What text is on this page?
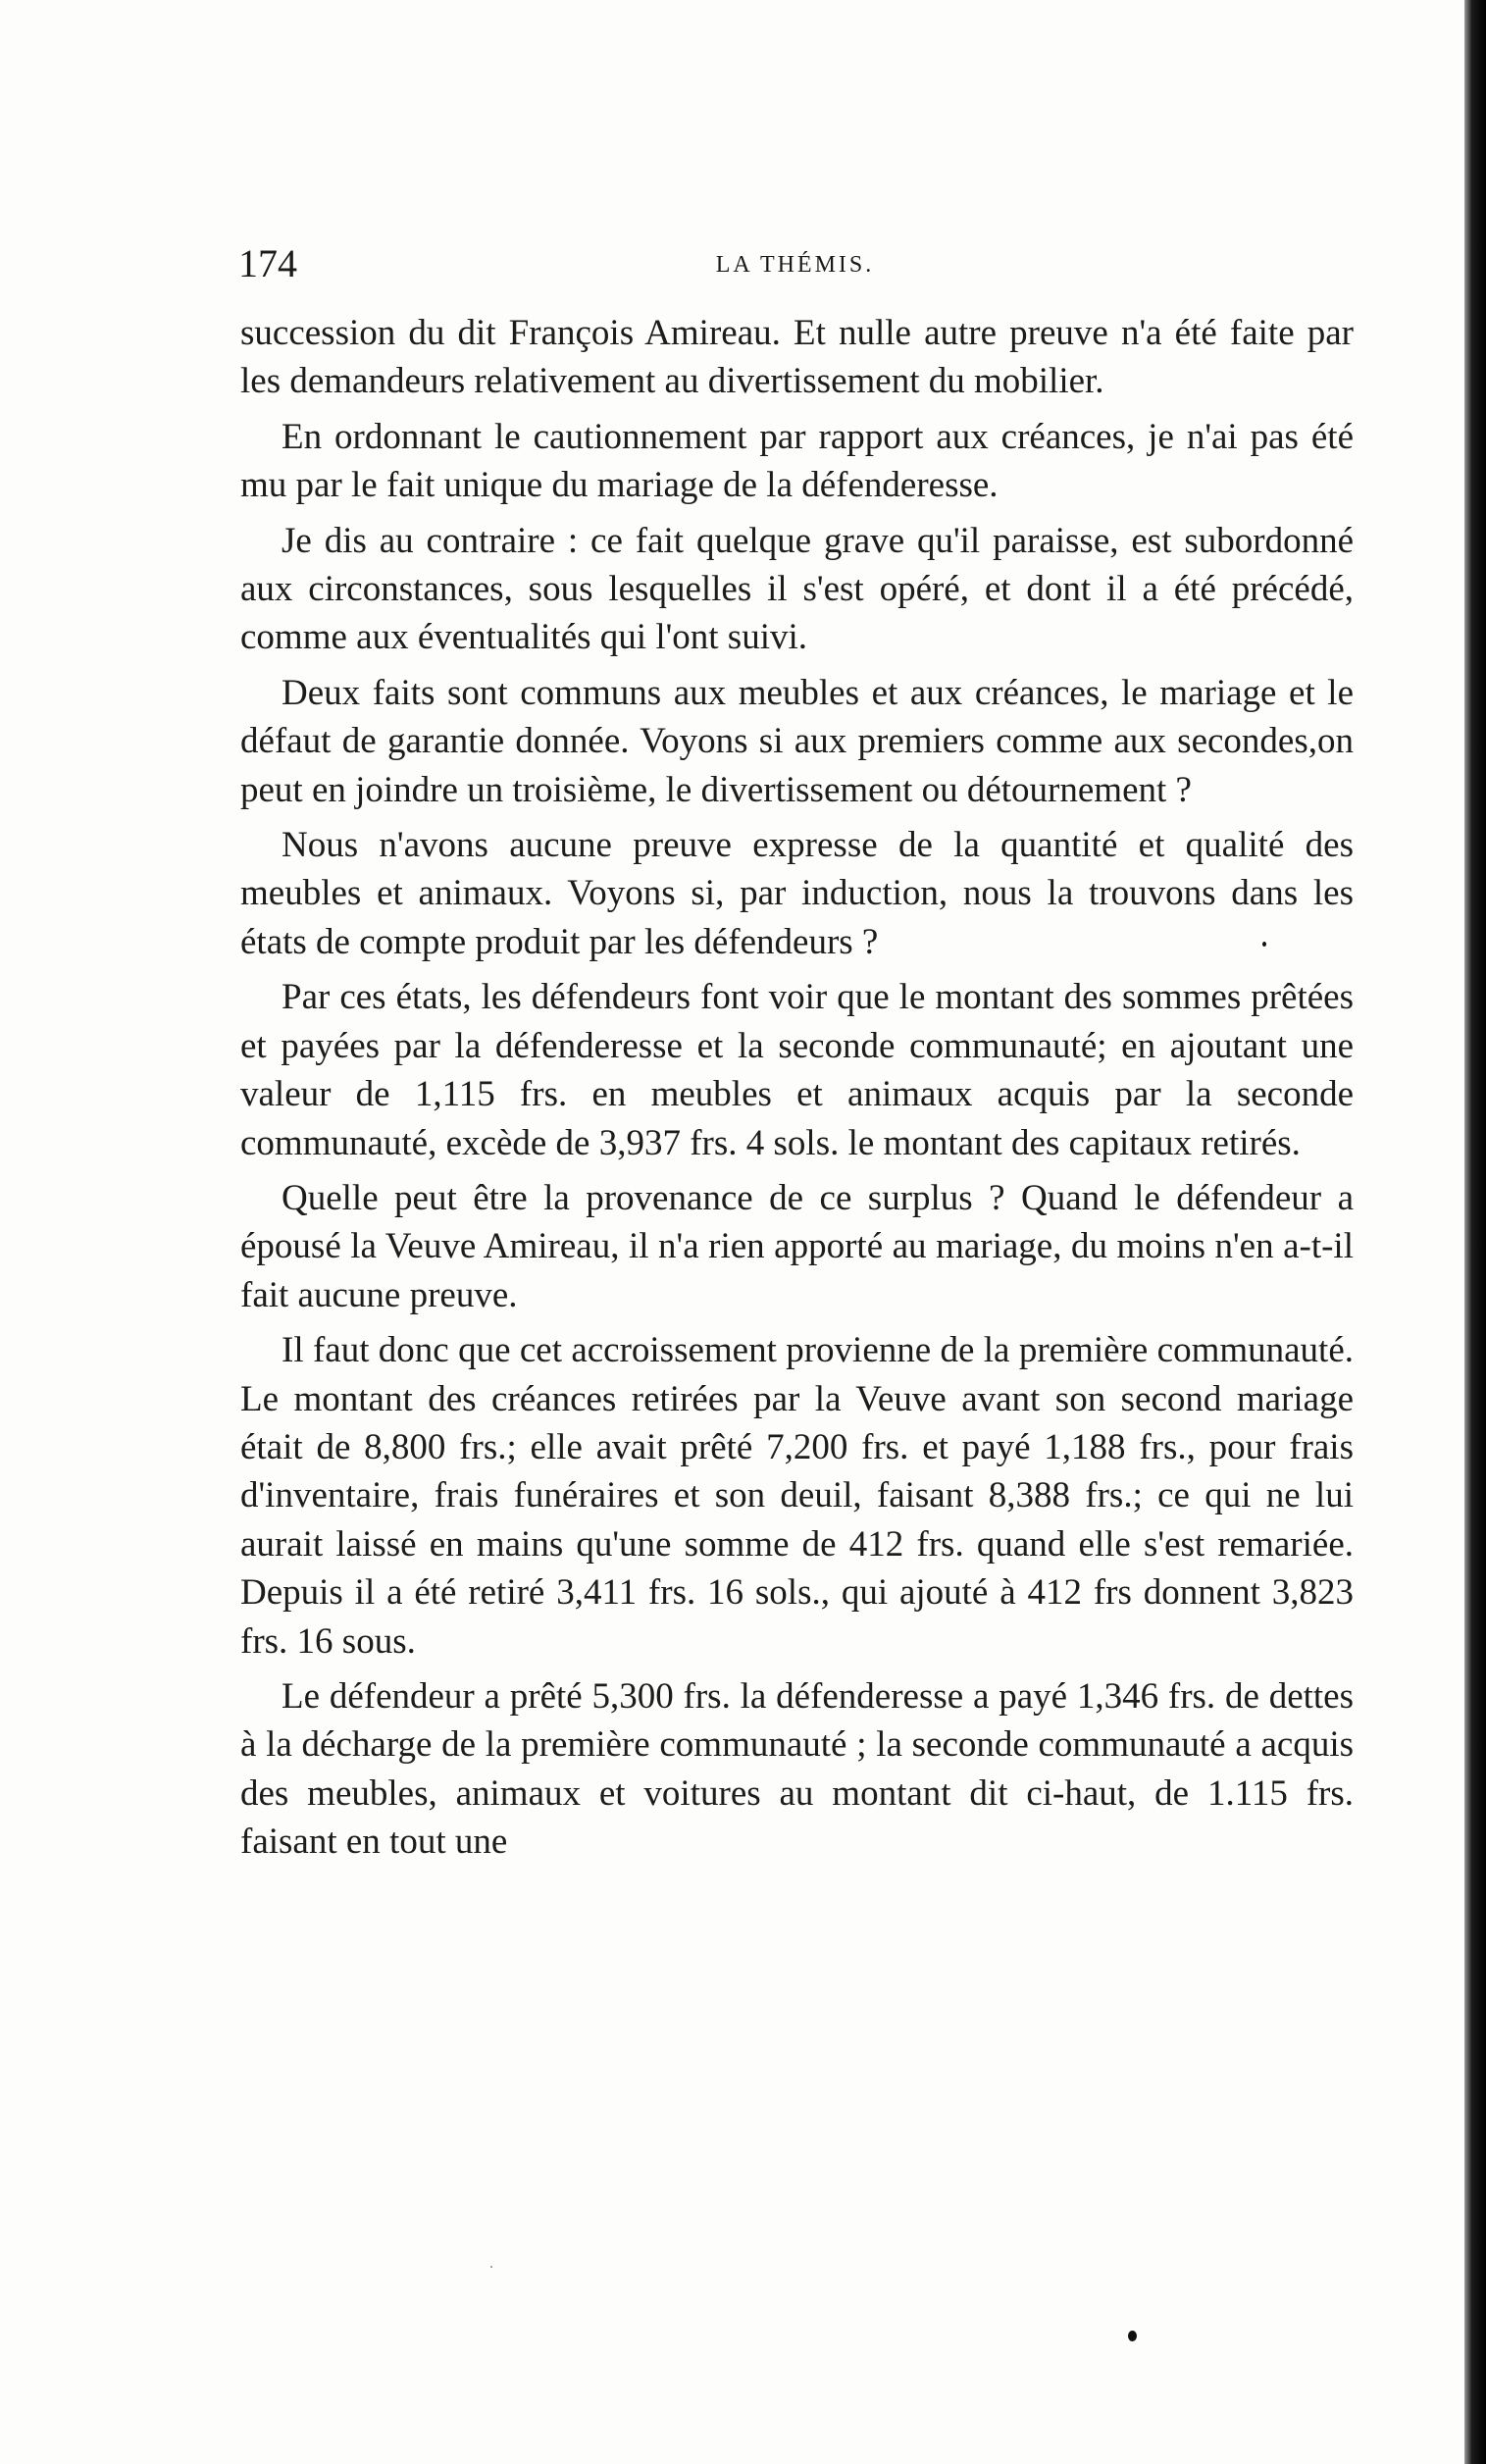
174	LA THÉMIS.

succession du dit François Amireau. Et nulle autre preuve n'a été faite par les demandeurs relativement au divertissement du mobilier.

En ordonnant le cautionnement par rapport aux créances, je n'ai pas été mu par le fait unique du mariage de la défenderesse.

Je dis au contraire : ce fait quelque grave qu'il paraisse, est subordonné aux circonstances, sous lesquelles il s'est opéré, et dont il a été précédé, comme aux éventualités qui l'ont suivi.

Deux faits sont communs aux meubles et aux créances, le mariage et le défaut de garantie donnée. Voyons si aux premiers comme aux secondes,on peut en joindre un troisième, le divertissement ou détournement ?

Nous n'avons aucune preuve expresse de la quantité et qualité des meubles et animaux. Voyons si, par induction, nous la trouvons dans les états de compte produit par les défendeurs ?

Par ces états, les défendeurs font voir que le montant des sommes prêtées et payées par la défenderesse et la seconde communauté; en ajoutant une valeur de 1,115 frs. en meubles et animaux acquis par la seconde communauté, excède de 3,937 frs. 4 sols. le montant des capitaux retirés.

Quelle peut être la provenance de ce surplus ? Quand le défendeur a épousé la Veuve Amireau, il n'a rien apporté au mariage, du moins n'en a-t-il fait aucune preuve.

Il faut donc que cet accroissement provienne de la première communauté. Le montant des créances retirées par la Veuve avant son second mariage était de 8,800 frs.; elle avait prêté 7,200 frs. et payé 1,188 frs., pour frais d'inventaire, frais funéraires et son deuil, faisant 8,388 frs.; ce qui ne lui aurait laissé en mains qu'une somme de 412 frs. quand elle s'est remariée. Depuis il a été retiré 3,411 frs. 16 sols., qui ajouté à 412 frs donnent 3,823 frs. 16 sous.

Le défendeur a prêté 5,300 frs. la défenderesse a payé 1,346 frs. de dettes à la décharge de la première communauté ; la seconde communauté a acquis des meubles, animaux et voitures au montant dit ci-haut, de 1.115 frs. faisant en tout une
